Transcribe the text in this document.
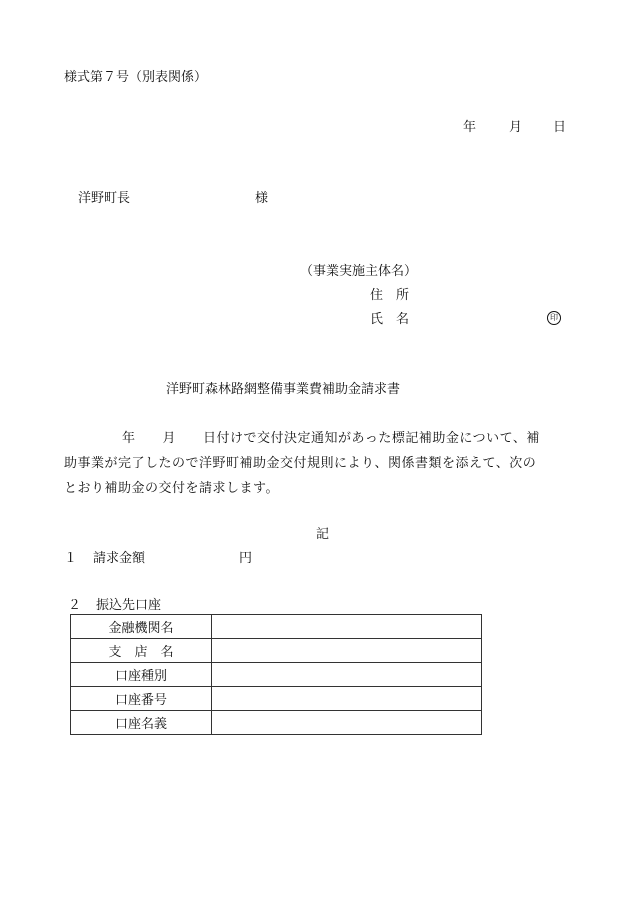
様式第７号（別表関係）
年	月 日
洋野町長	様
（事業実施主体名）
住　所
氏　名	印
洋野町森林路網整備事業費補助金請求書
年　　月　　日付けで交付決定通知があった標記補助金について、補
助事業が完了したので洋野町補助金交付規則により、関係書類を添えて、次の
とおり補助金の交付を請求します。
記
１ 請求金額	円
２ 振込先口座
金融機関名	
支　店　名	
口座種別	
口座番号	
口座名義	
